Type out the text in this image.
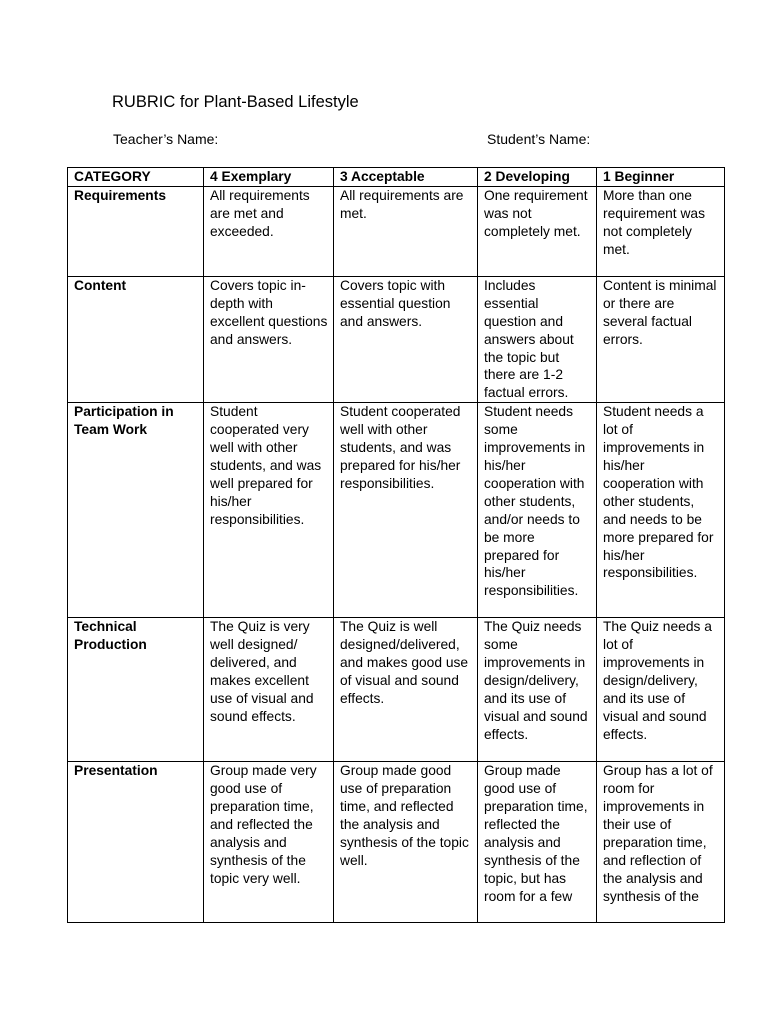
RUBRIC for Plant-Based Lifestyle
Teacher’s Name:	Student’s Name:
CATEGORY	4 Exemplary	3 Acceptable	2 Developing	1 Beginner
Requirements	All requirements are met and exceeded.	All requirements are met.	One requirement was not completely met.	More than one requirement was not completely met.
Content	Covers topic in-depth with excellent questions and answers.	Covers topic with essential question and answers.	Includes essential question and answers about the topic but there are 1-2 factual errors.	Content is minimal or there are several factual errors.
Participation in Team Work	Student cooperated very well with other students, and was well prepared for his/her responsibilities.	Student cooperated well with other students, and was prepared for his/her responsibilities.	Student needs some improvements in his/her cooperation with other students, and/or needs to be more prepared for his/her responsibilities.	Student needs a lot of improvements in his/her cooperation with other students, and needs to be more prepared for his/her responsibilities.
Technical Production	The Quiz is very well designed/ delivered, and makes excellent use of visual and sound effects.	The Quiz is well designed/delivered, and makes good use of visual and sound effects.	The Quiz needs some improvements in design/delivery, and its use of visual and sound effects.	The Quiz needs a lot of improvements in design/delivery, and its use of visual and sound effects.
Presentation	Group made very good use of preparation time, and reflected the analysis and synthesis of the topic very well.	Group made good use of preparation time, and reflected the analysis and synthesis of the topic well.	Group made good use of preparation time, reflected the analysis and synthesis of the topic, but has room for a few	Group has a lot of room for improvements in their use of preparation time, and reflection of the analysis and synthesis of the
